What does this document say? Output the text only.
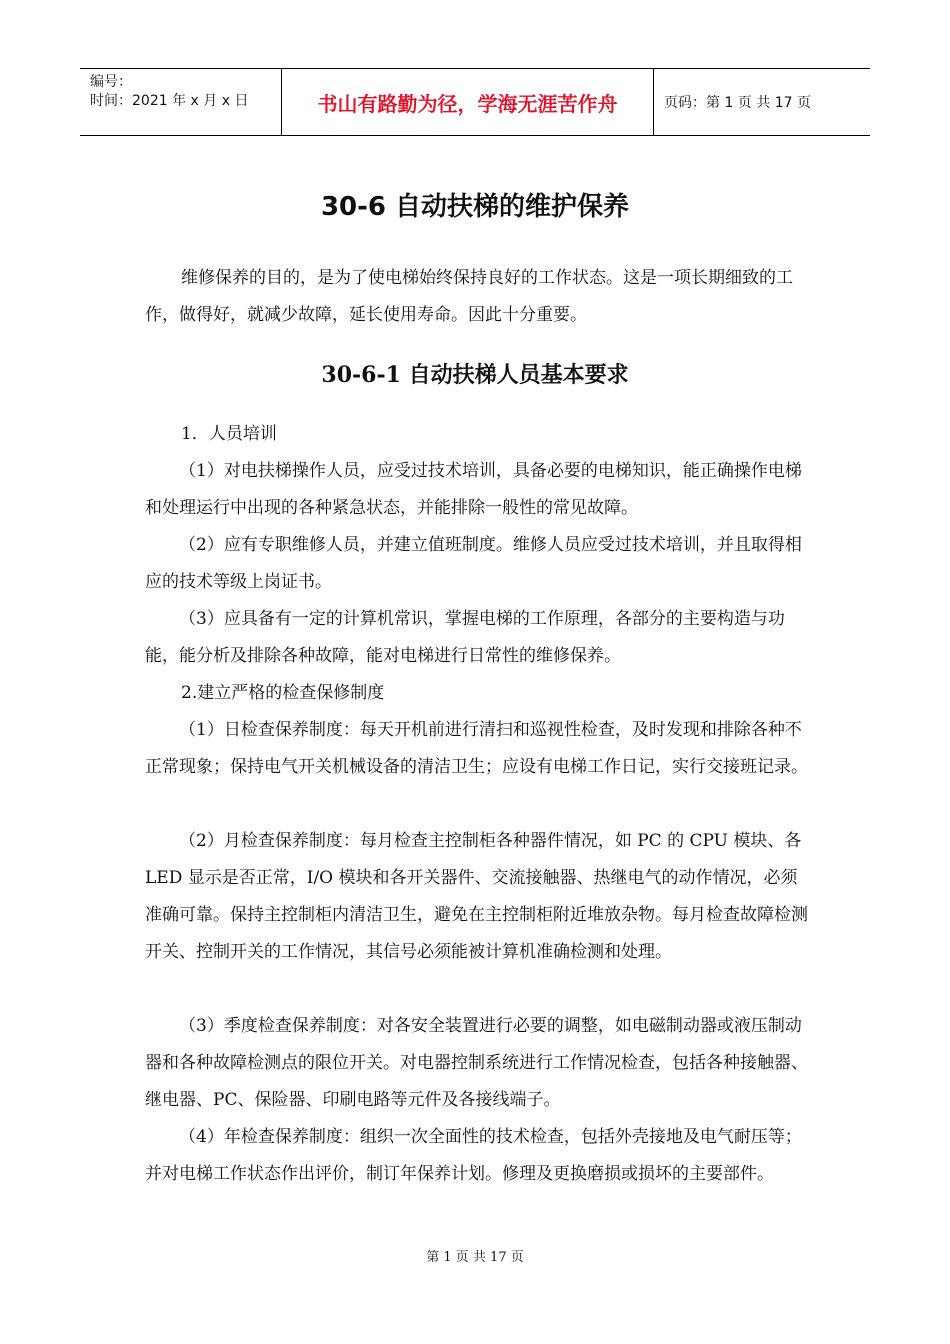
编号：
时间：2021 年 x 月 x 日	书山有路勤为径，学海无涯苦作舟	页码：第 1 页 共 17 页
30-6 自动扶梯的维护保养

维修保养的目的，是为了使电梯始终保持良好的工作状态。这是一项长期细致的工作，做得好，就减少故障，延长使用寿命。因此十分重要。

30-6-1 自动扶梯人员基本要求

1．人员培训

（1）对电扶梯操作人员，应受过技术培训，具备必要的电梯知识，能正确操作电梯和处理运行中出现的各种紧急状态，并能排除一般性的常见故障。

（2）应有专职维修人员，并建立值班制度。维修人员应受过技术培训，并且取得相应的技术等级上岗证书。

（3）应具备有一定的计算机常识，掌握电梯的工作原理，各部分的主要构造与功能，能分析及排除各种故障，能对电梯进行日常性的维修保养。

2.建立严格的检查保修制度

（1）日检查保养制度：每天开机前进行清扫和巡视性检查，及时发现和排除各种不正常现象；保持电气开关机械设备的清洁卫生；应设有电梯工作日记，实行交接班记录。

（2）月检查保养制度：每月检查主控制柜各种器件情况，如 PC 的 CPU 模块、各 LED 显示是否正常，I/O 模块和各开关器件、交流接触器、热继电气的动作情况，必须准确可靠。保持主控制柜内清洁卫生，避免在主控制柜附近堆放杂物。每月检查故障检测开关、控制开关的工作情况，其信号必须能被计算机准确检测和处理。

（3）季度检查保养制度：对各安全装置进行必要的调整，如电磁制动器或液压制动器和各种故障检测点的限位开关。对电器控制系统进行工作情况检查，包括各种接触器、继电器、PC、保险器、印刷电路等元件及各接线端子。

（4）年检查保养制度：组织一次全面性的技术检查，包括外壳接地及电气耐压等；并对电梯工作状态作出评价，制订年保养计划。修理及更换磨损或损坏的主要部件。

第 1 页 共 17 页
